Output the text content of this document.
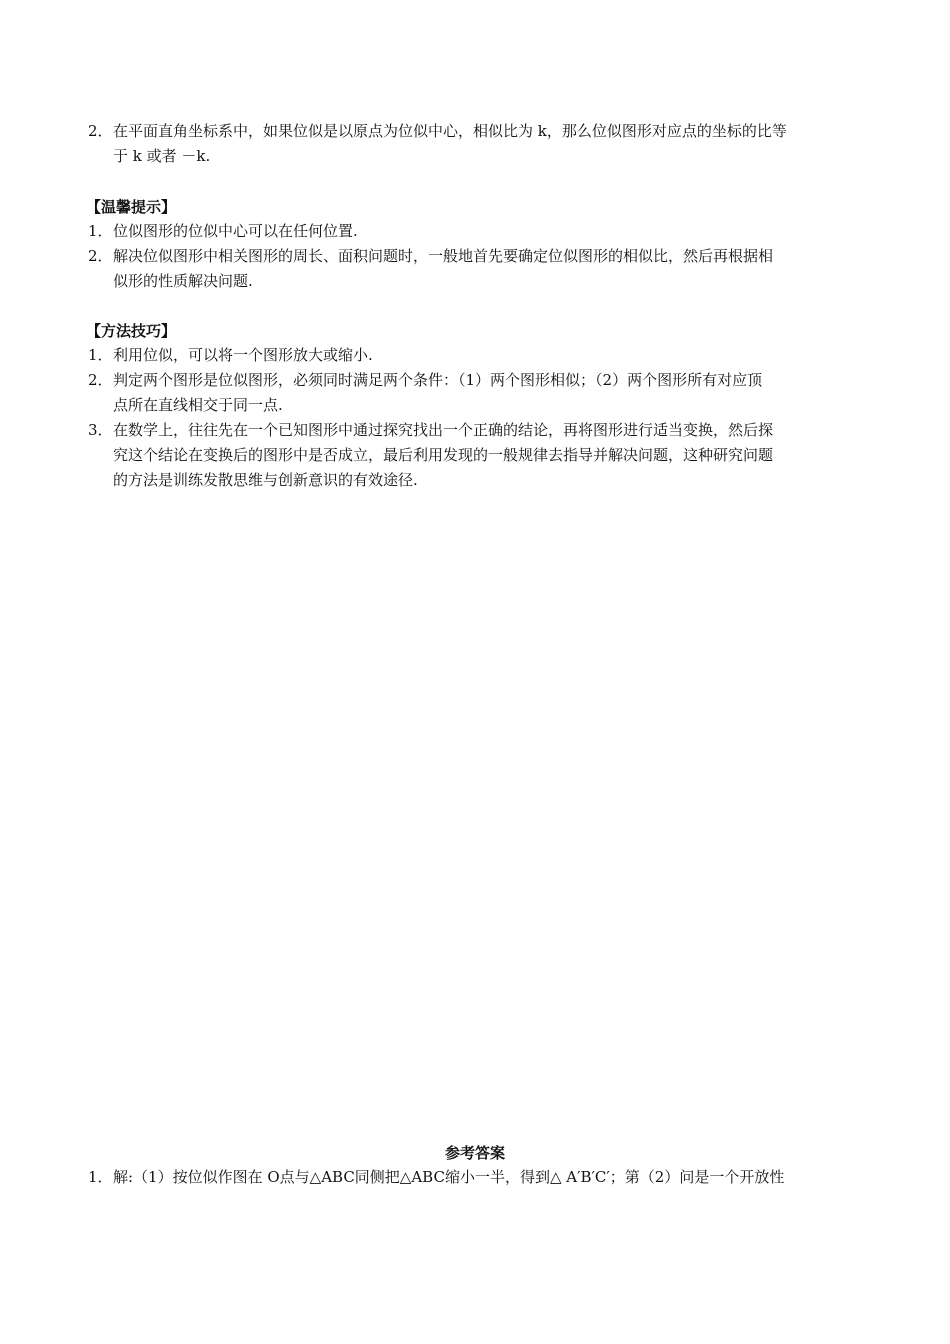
2． 在平面直角坐标系中，如果位似是以原点为位似中心，相似比为 k，那么位似图形对应点的坐标的比等
于 k 或者 －k.
【温馨提示】
1． 位似图形的位似中心可以在任何位置.
2． 解决位似图形中相关图形的周长、面积问题时，一般地首先要确定位似图形的相似比，然后再根据相
似形的性质解决问题.
【方法技巧】
1． 利用位似，可以将一个图形放大或缩小.
2． 判定两个图形是位似图形，必须同时满足两个条件：（1）两个图形相似；（2）两个图形所有对应顶
点所在直线相交于同一点.
3． 在数学上，往往先在一个已知图形中通过探究找出一个正确的结论，再将图形进行适当变换，然后探
究这个结论在变换后的图形中是否成立，最后利用发现的一般规律去指导并解决问题，这种研究问题
的方法是训练发散思维与创新意识的有效途径.
参考答案
1． 解:（1）按位似作图在 O点与△ABC同侧把△ABC缩小一半，得到△ A′B′C′；第（2）问是一个开放性
